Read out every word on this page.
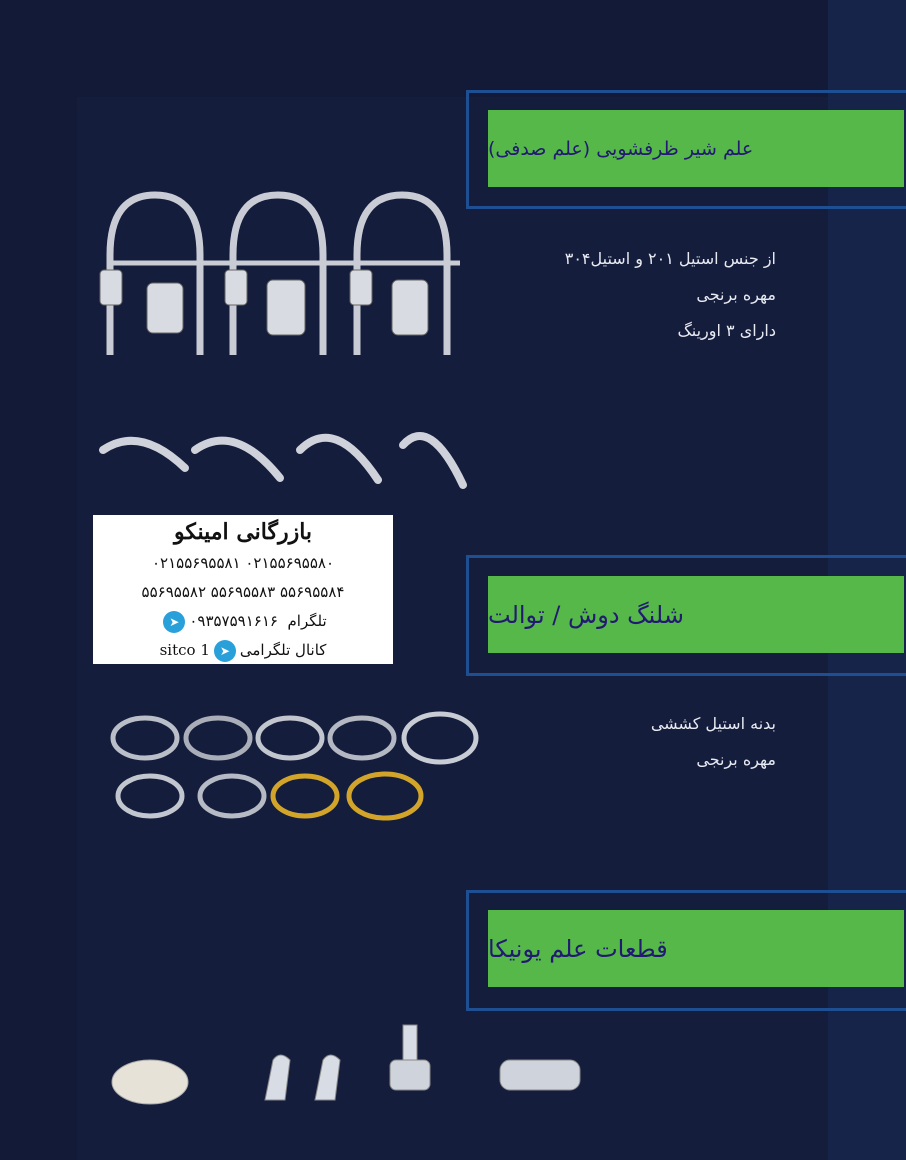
علم شیر ظرفشویی (علم صدفی)
از جنس استیل ۲۰۱ و استیل۳۰۴
مهره برنجی
دارای ۳ اورینگ
بازرگانی امینکو
۰۲۱۵۵۶۹۵۵۸۱ ۰۲۱۵۵۶۹۵۵۸۰
۵۵۶۹۵۵۸۲ ۵۵۶۹۵۵۸۳ ۵۵۶۹۵۵۸۴
➤ ۰۹۳۵۷۵۹۱۶۱۶ تلگرام
sitco 1 ➤ کانال تلگرامی
شلنگ دوش / توالت
بدنه استیل کششی
مهره برنجی
قطعات علم یونیکا
